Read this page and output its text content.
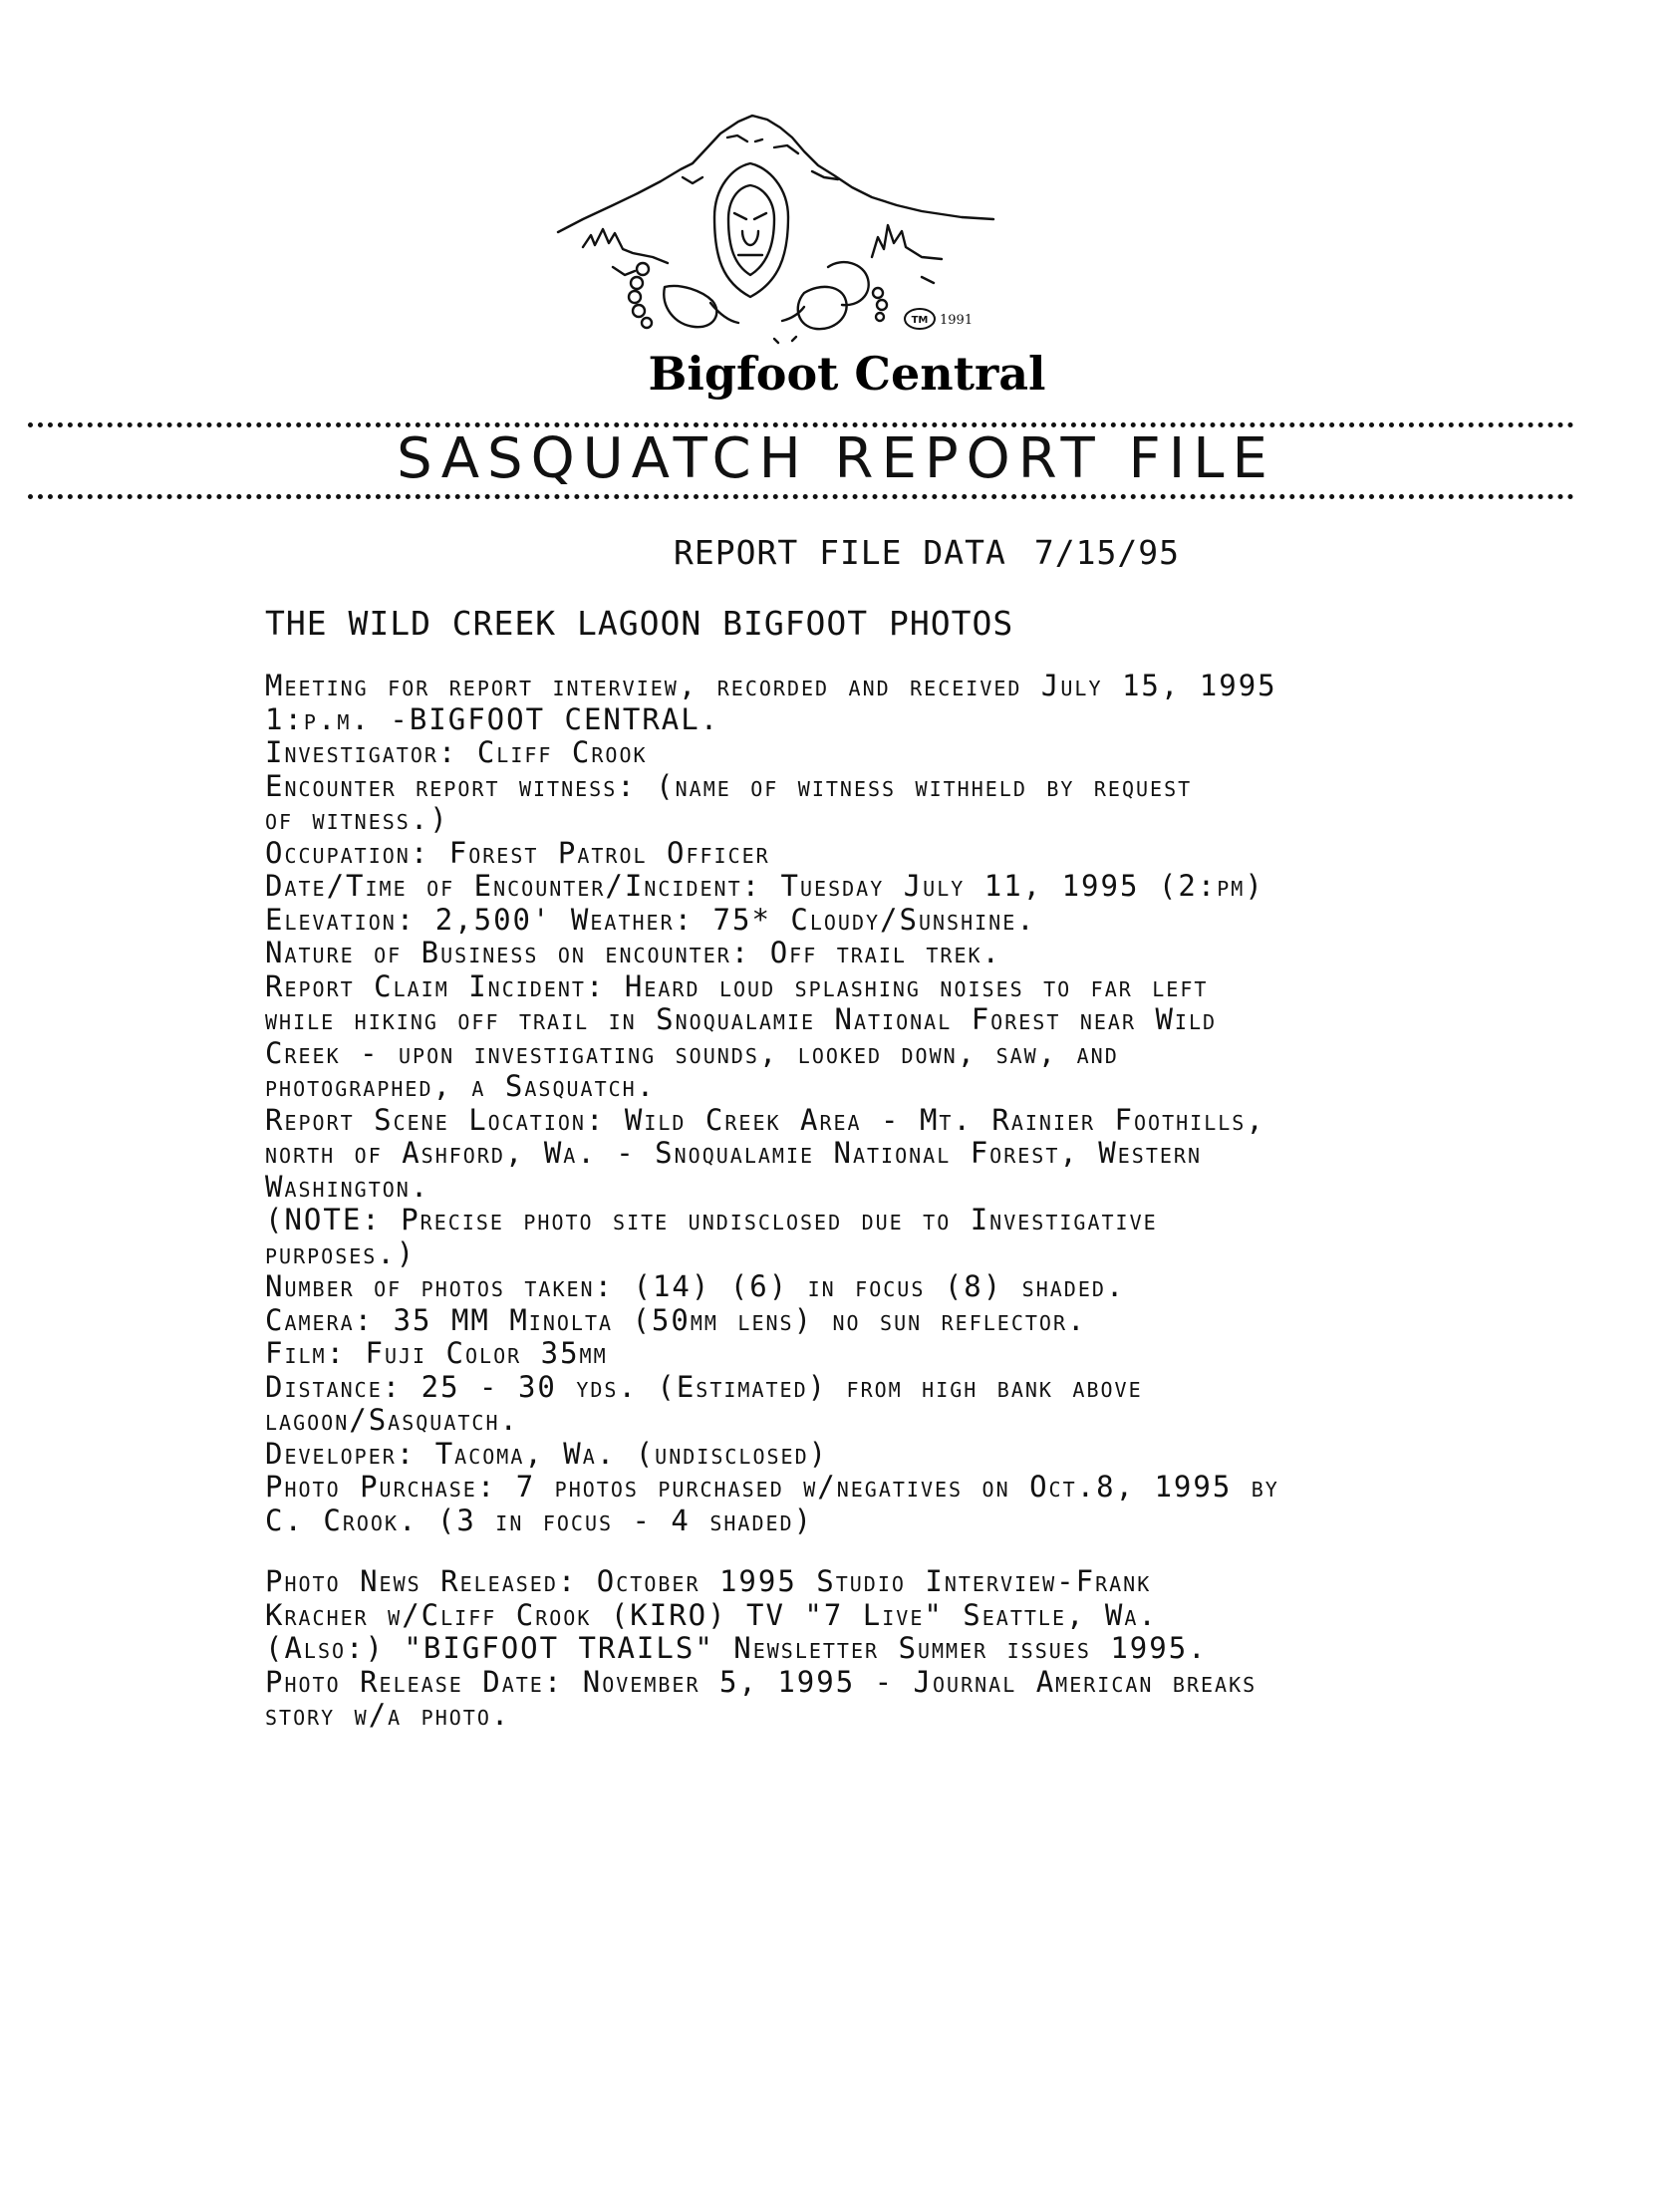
TM 1991
Bigfoot Central
SASQUATCH REPORT FILE
REPORT FILE DATA 7/15/95
THE WILD CREEK LAGOON BIGFOOT PHOTOS

Meeting for report interview, recorded and received July 15, 1995

1:p.m. -BIGFOOT CENTRAL.

Investigator: Cliff Crook

Encounter report witness: (name of witness withheld by request

of witness.)

Occupation: Forest Patrol Officer

Date/Time of Encounter/Incident: Tuesday July 11, 1995 (2:pm)

Elevation: 2,500' Weather: 75* Cloudy/Sunshine.

Nature of Business on encounter: Off trail trek.

Report Claim Incident: Heard loud splashing noises to far left

while hiking off trail in Snoqualamie National Forest near Wild

Creek - upon investigating sounds, looked down, saw, and

photographed, a Sasquatch.

Report Scene Location: Wild Creek Area - Mt. Rainier Foothills,

north of Ashford, Wa. - Snoqualamie National Forest, Western

Washington.

(NOTE: Precise photo site undisclosed due to Investigative

purposes.)

Number of photos taken: (14) (6) in focus (8) shaded.

Camera: 35 MM Minolta (50mm lens) no sun reflector.

Film: Fuji Color 35mm

Distance: 25 - 30 yds. (Estimated) from high bank above

lagoon/Sasquatch.

Developer: Tacoma, Wa. (undisclosed)

Photo Purchase: 7 photos purchased w/negatives on Oct.8, 1995 by

C. Crook. (3 in focus - 4 shaded)

Photo News Released: October 1995 Studio Interview-Frank

Kracher w/Cliff Crook (KIRO) TV "7 Live" Seattle, Wa.

(Also:) "BIGFOOT TRAILS" Newsletter Summer issues 1995.

Photo Release Date: November 5, 1995 - Journal American breaks

story w/a photo.
